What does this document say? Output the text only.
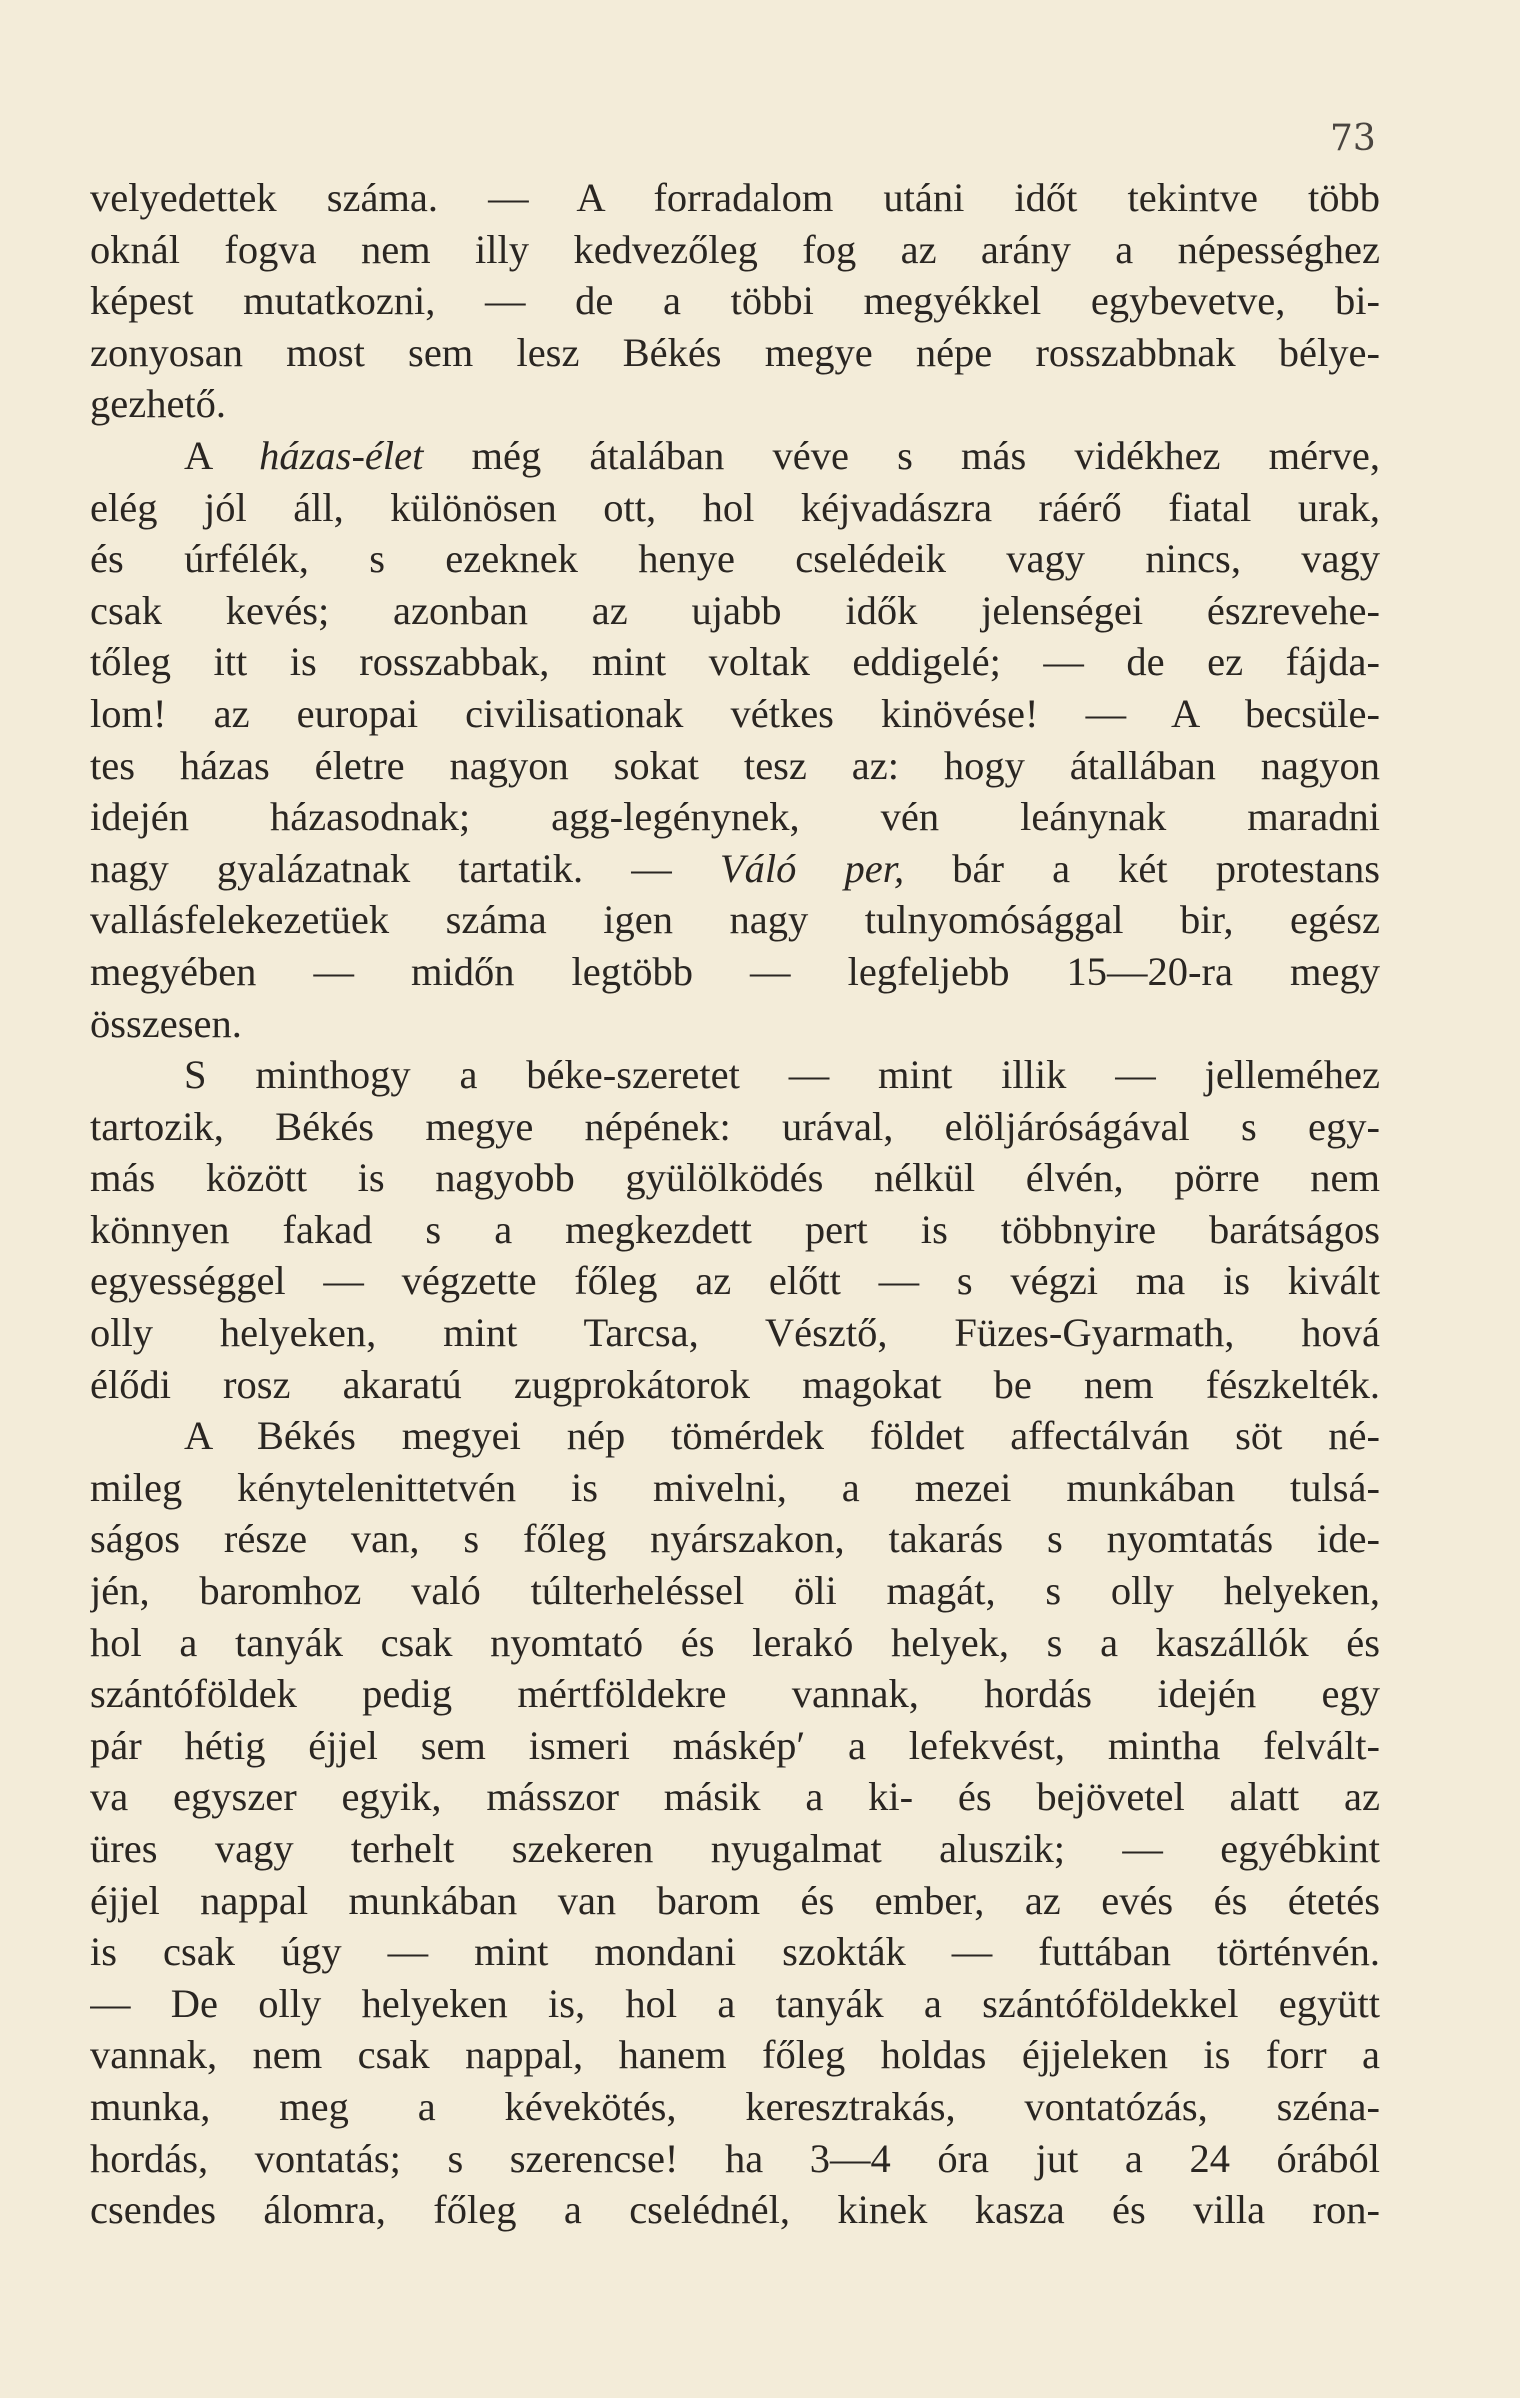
73
velyedettek száma. — A forradalom utáni időt tekintve több
oknál fogva nem illy kedvezőleg fog az arány a népességhez
képest mutatkozni, — de a többi megyékkel egybevetve, bi-
zonyosan most sem lesz Békés megye népe rosszabbnak bélye-
gezhető.
A házas-élet még átalában véve s más vidékhez mérve,
elég jól áll, különösen ott, hol kéjvadászra ráérő fiatal urak,
és úrfélék, s ezeknek henye cselédeik vagy nincs, vagy
csak kevés; azonban az ujabb idők jelenségei észrevehe-
tőleg itt is rosszabbak, mint voltak eddigelé; — de ez fájda-
lom! az europai civilisationak vétkes kinövése! — A becsüle-
tes házas életre nagyon sokat tesz az: hogy átallában nagyon
idején házasodnak; agg-legénynek, vén leánynak maradni
nagy gyalázatnak tartatik. — Váló per, bár a két protestans
vallásfelekezetüek száma igen nagy tulnyomósággal bir, egész
megyében — midőn legtöbb — legfeljebb 15—20-ra megy
összesen.
S minthogy a béke-szeretet — mint illik — jelleméhez
tartozik, Békés megye népének: urával, elöljáróságával s egy-
más között is nagyobb gyülölködés nélkül élvén, pörre nem
könnyen fakad s a megkezdett pert is többnyire barátságos
egyességgel — végzette főleg az előtt — s végzi ma is kivált
olly helyeken, mint Tarcsa, Vésztő, Füzes-Gyarmath, hová
élődi rosz akaratú zugprokátorok magokat be nem fészkelték.
A Békés megyei nép tömérdek földet affectálván söt né-
mileg kénytelenittetvén is mivelni, a mezei munkában tulsá-
ságos része van, s főleg nyárszakon, takarás s nyomtatás ide-
jén, baromhoz való túlterheléssel öli magát, s olly helyeken,
hol a tanyák csak nyomtató és lerakó helyek, s a kaszállók és
szántóföldek pedig mértföldekre vannak, hordás idején egy
pár hétig éjjel sem ismeri máskép′ a lefekvést, mintha felvált-
va egyszer egyik, másszor másik a ki- és bejövetel alatt az
üres vagy terhelt szekeren nyugalmat aluszik; — egyébkint
éjjel nappal munkában van barom és ember, az evés és étetés
is csak úgy — mint mondani szokták — futtában történvén.
— De olly helyeken is, hol a tanyák a szántóföldekkel együtt
vannak, nem csak nappal, hanem főleg holdas éjjeleken is forr a
munka, meg a kévekötés, keresztrakás, vontatózás, széna-
hordás, vontatás; s szerencse! ha 3—4 óra jut a 24 órából
csendes álomra, főleg a cselédnél, kinek kasza és villa ron-
